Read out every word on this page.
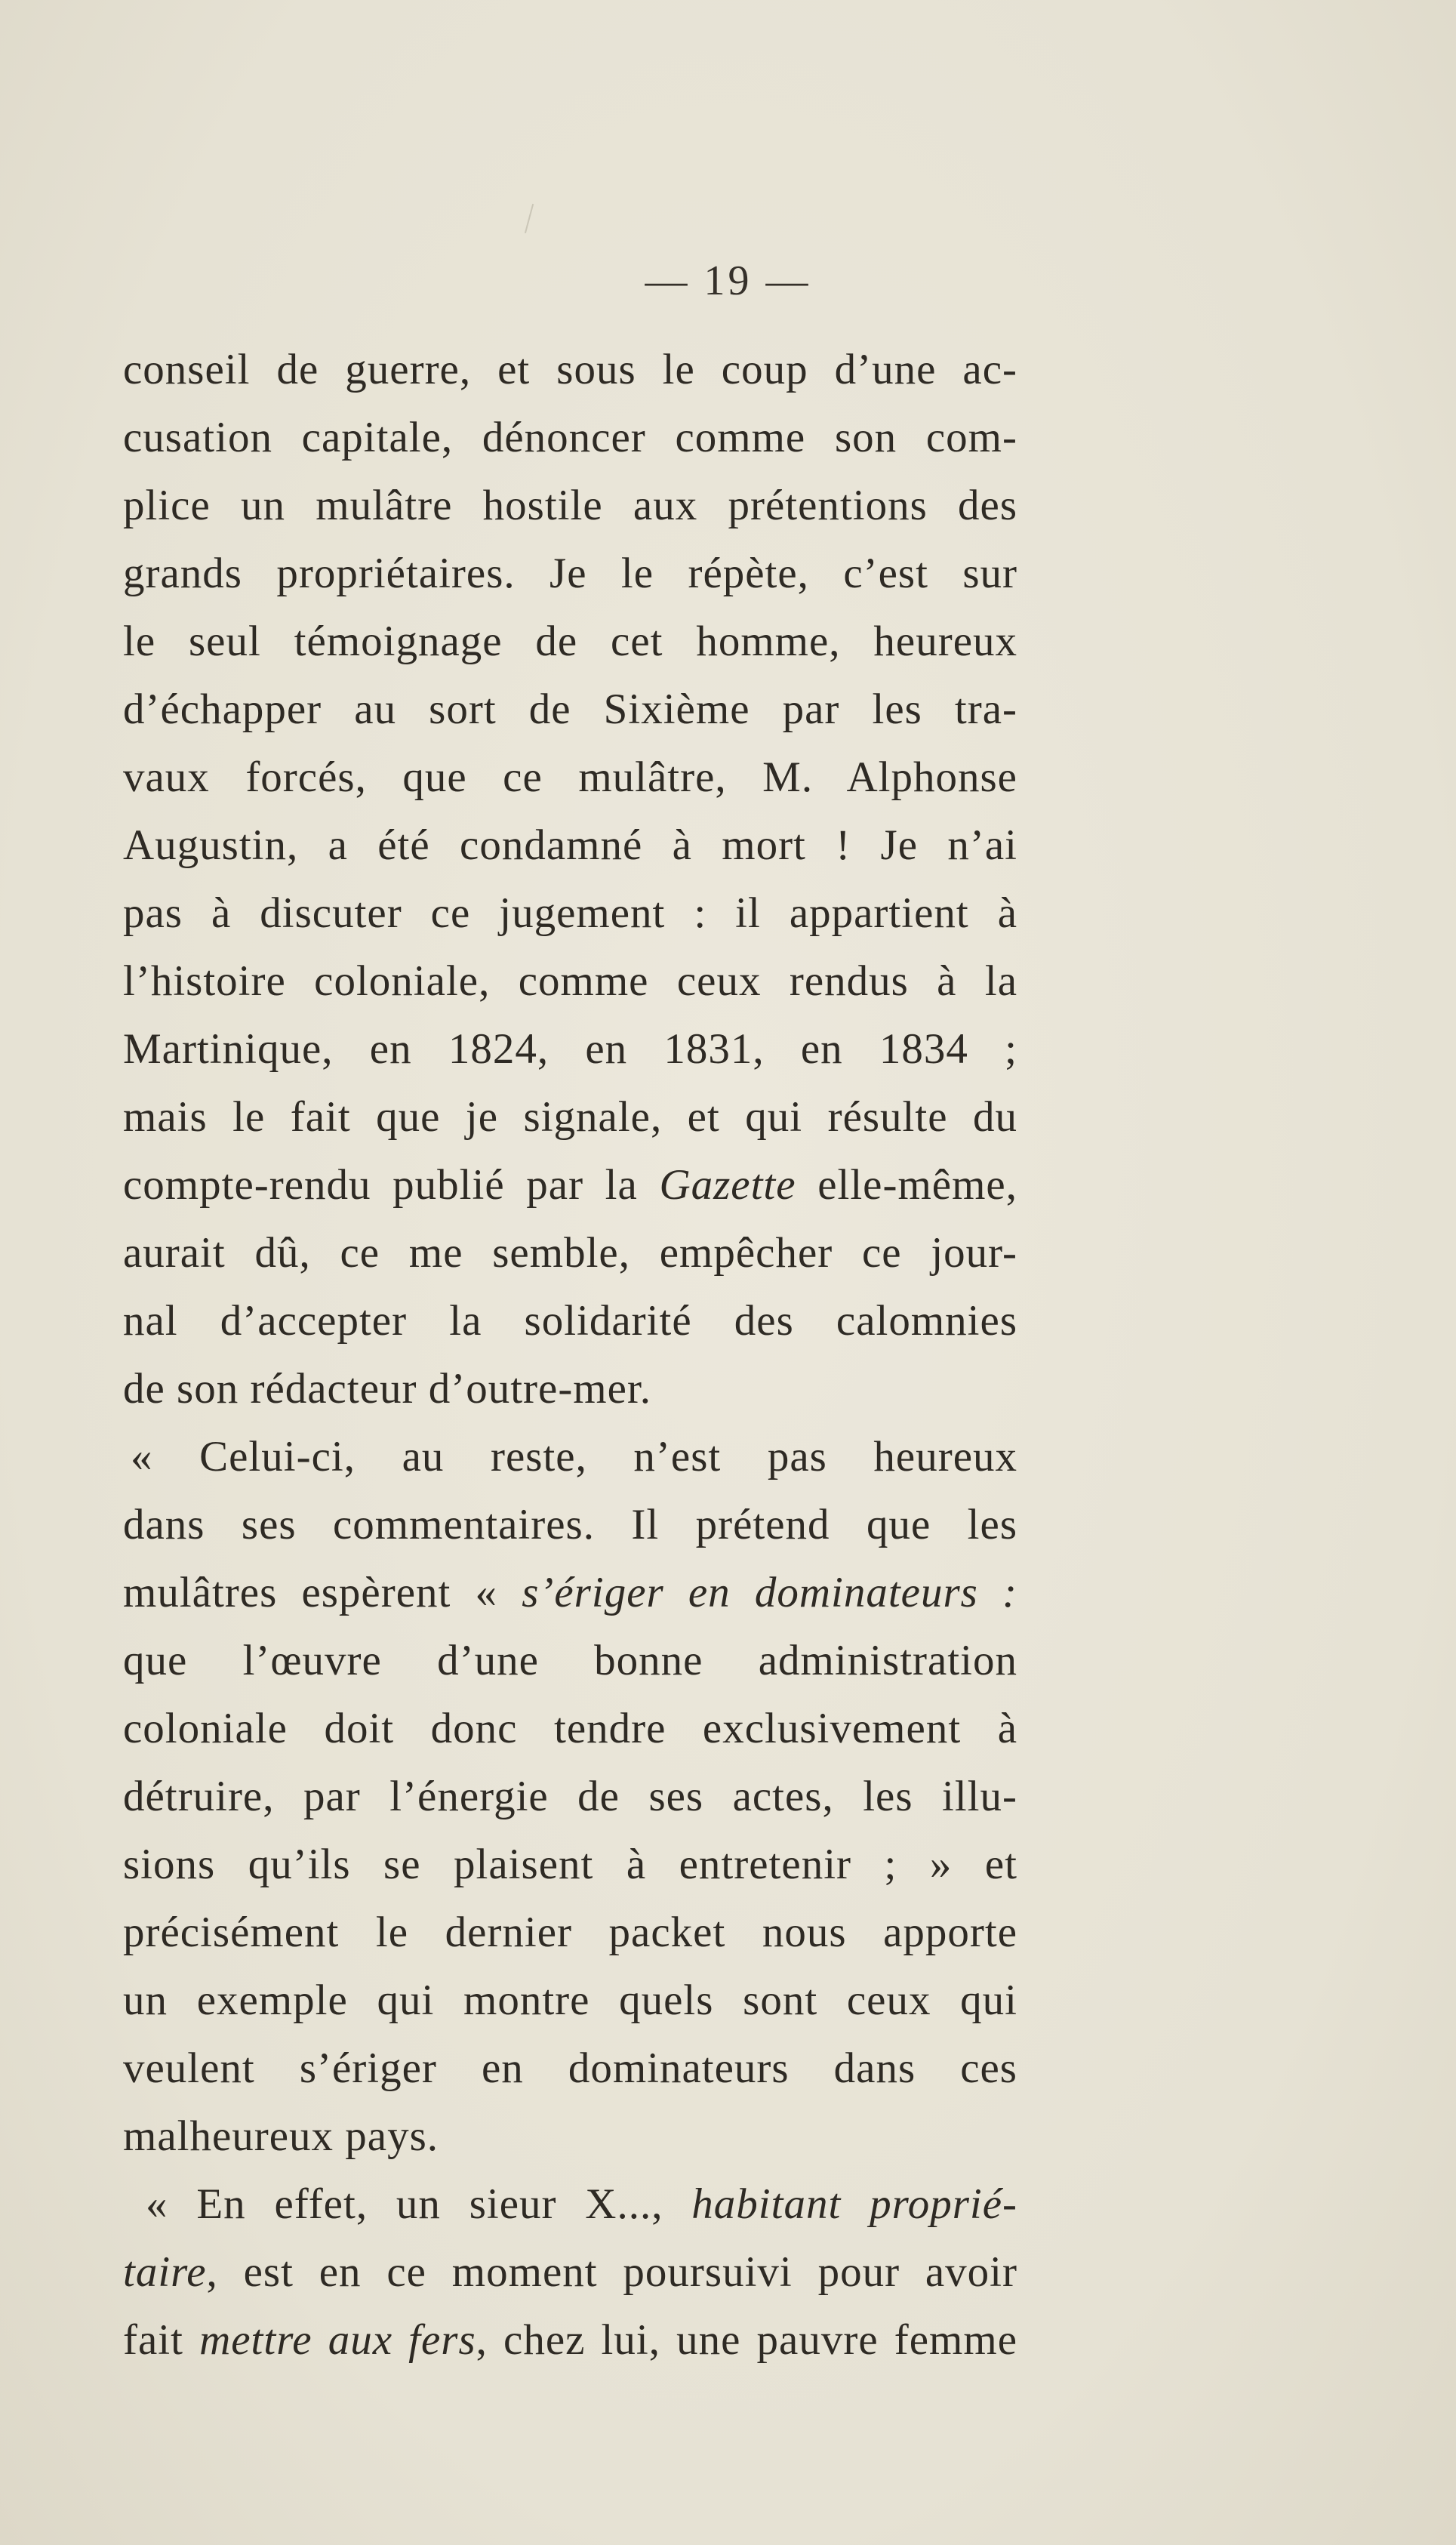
— 19 —
conseil de guerre, et sous le coup d’une ac-
cusation capitale, dénoncer comme son com-
plice un mulâtre hostile aux prétentions des
grands propriétaires. Je le répète, c’est sur
le seul témoignage de cet homme, heureux
d’échapper au sort de Sixième par les tra-
vaux forcés, que ce mulâtre, M. Alphonse
Augustin, a été condamné à mort ! Je n’ai
pas à discuter ce jugement : il appartient à
l’histoire coloniale, comme ceux rendus à la
Martinique, en 1824, en 1831, en 1834 ;
mais le fait que je signale, et qui résulte du
compte-rendu publié par la Gazette elle-même,
aurait dû, ce me semble, empêcher ce jour-
nal d’accepter la solidarité des calomnies
de son rédacteur d’outre-mer.
« Celui-ci, au reste, n’est pas heureux
dans ses commentaires. Il prétend que les
mulâtres espèrent « s’ériger en dominateurs :
que l’œuvre d’une bonne administration
coloniale doit donc tendre exclusivement à
détruire, par l’énergie de ses actes, les illu-
sions qu’ils se plaisent à entretenir ; » et
précisément le dernier packet nous apporte
un exemple qui montre quels sont ceux qui
veulent s’ériger en dominateurs dans ces
malheureux pays.
« En effet, un sieur X..., habitant proprié-
taire, est en ce moment poursuivi pour avoir
fait mettre aux fers, chez lui, une pauvre femme
